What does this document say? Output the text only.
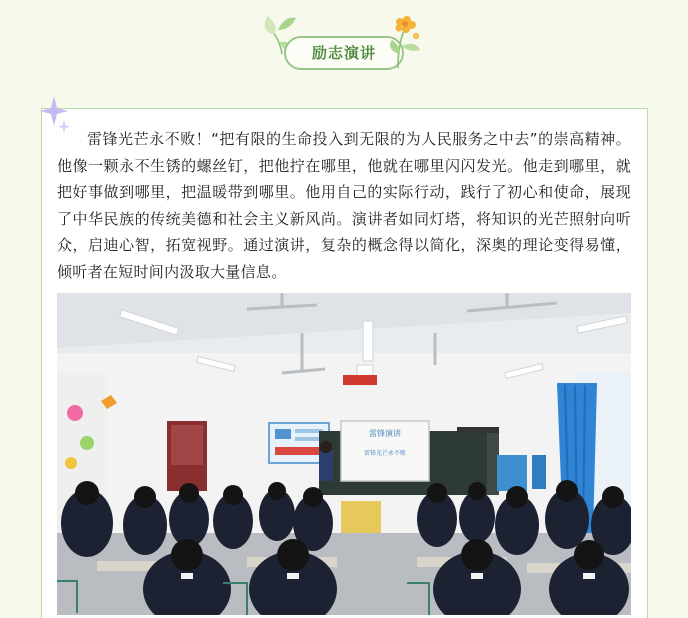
励志演讲

雷锋光芒永不败！“把有限的生命投入到无限的为人民服务之中去”的崇高精神。他像一颗永不生锈的螺丝钉，把他拧在哪里，他就在哪里闪闪发光。他走到哪里，就把好事做到哪里，把温暖带到哪里。他用自己的实际行动，践行了初心和使命，展现了中华民族的传统美德和社会主义新风尚。演讲者如同灯塔，将知识的光芒照射向听众，启迪心智，拓宽视野。通过演讲，复杂的概念得以简化，深奥的理论变得易懂，倾听者在短时间内汲取大量信息。

雷锋演讲
雷锋光芒永不败
